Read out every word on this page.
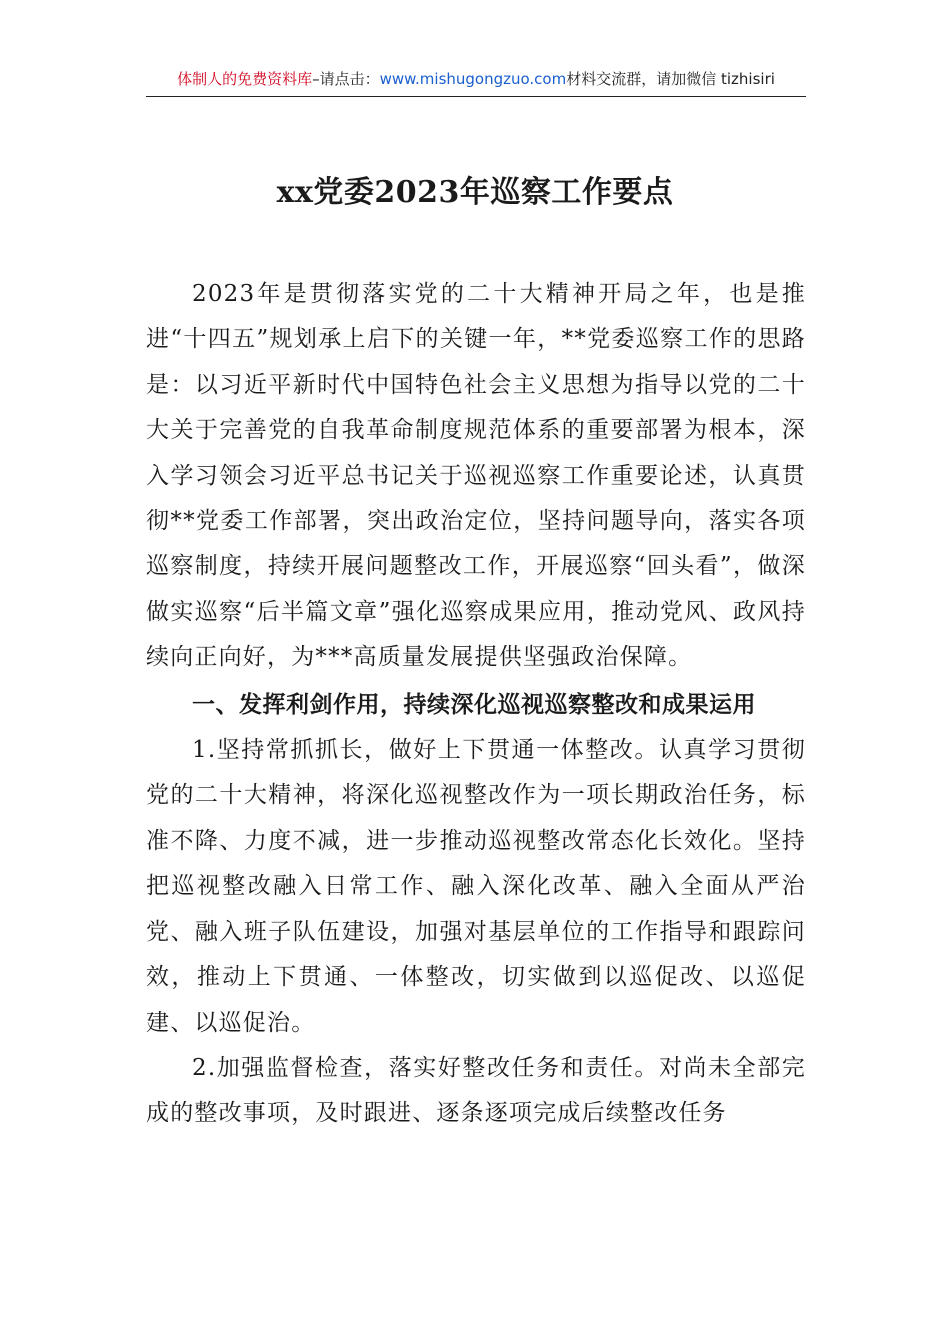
体制人的免费资料库–请点击：www.mishugongzuo.com材料交流群，请加微信 tizhisiri
xx党委2023年巡察工作要点

2023年是贯彻落实党的二十大精神开局之年，也是推进“十四五”规划承上启下的关键一年，**党委巡察工作的思路是：以习近平新时代中国特色社会主义思想为指导以党的二十大关于完善党的自我革命制度规范体系的重要部署为根本，深入学习领会习近平总书记关于巡视巡察工作重要论述，认真贯彻**党委工作部署，突出政治定位，坚持问题导向，落实各项巡察制度，持续开展问题整改工作，开展巡察“回头看”，做深做实巡察“后半篇文章”强化巡察成果应用，推动党风、政风持续向正向好，为***高质量发展提供坚强政治保障。

一、发挥利剑作用，持续深化巡视巡察整改和成果运用

1.坚持常抓抓长，做好上下贯通一体整改。认真学习贯彻党的二十大精神，将深化巡视整改作为一项长期政治任务，标准不降、力度不减，进一步推动巡视整改常态化长效化。坚持把巡视整改融入日常工作、融入深化改革、融入全面从严治党、融入班子队伍建设，加强对基层单位的工作指导和跟踪问效，推动上下贯通、一体整改，切实做到以巡促改、以巡促建、以巡促治。

2.加强监督检查，落实好整改任务和责任。对尚未全部完成的整改事项，及时跟进、逐条逐项完成后续整改任务
